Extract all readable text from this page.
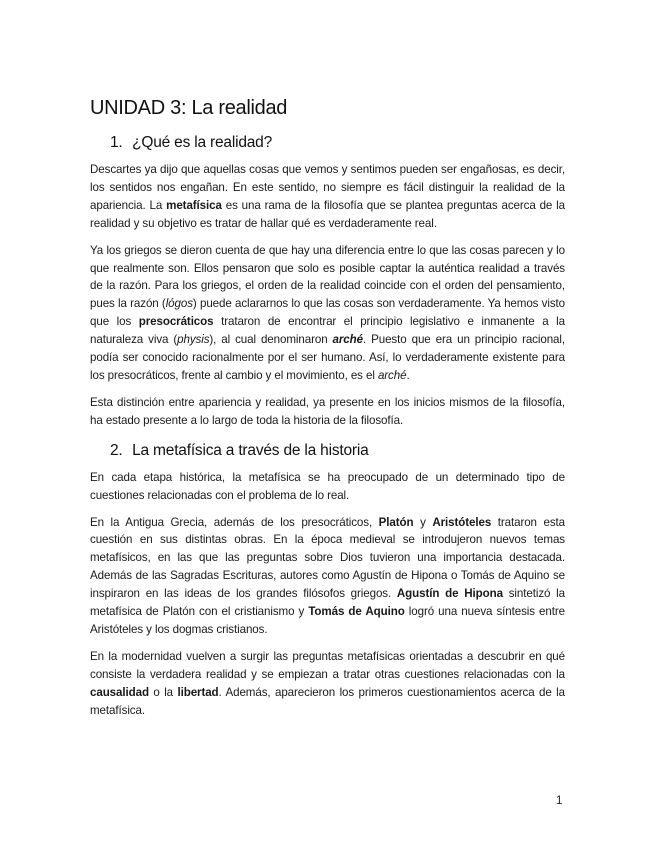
UNIDAD 3: La realidad
1. ¿Qué es la realidad?

Descartes ya dijo que aquellas cosas que vemos y sentimos pueden ser engañosas, es decir, los sentidos nos engañan. En este sentido, no siempre es fácil distinguir la realidad de la apariencia. La metafísica es una rama de la filosofía que se plantea preguntas acerca de la realidad y su objetivo es tratar de hallar qué es verdaderamente real.

Ya los griegos se dieron cuenta de que hay una diferencia entre lo que las cosas parecen y lo que realmente son. Ellos pensaron que solo es posible captar la auténtica realidad a través de la razón. Para los griegos, el orden de la realidad coincide con el orden del pensamiento, pues la razón (lógos) puede aclararnos lo que las cosas son verdaderamente. Ya hemos visto que los presocráticos trataron de encontrar el principio legislativo e inmanente a la naturaleza viva (physis), al cual denominaron arché. Puesto que era un principio racional, podía ser conocido racionalmente por el ser humano. Así, lo verdaderamente existente para los presocráticos, frente al cambio y el movimiento, es el arché.

Esta distinción entre apariencia y realidad, ya presente en los inicios mismos de la filosofía, ha estado presente a lo largo de toda la historia de la filosofía.

2. La metafísica a través de la historia

En cada etapa histórica, la metafísica se ha preocupado de un determinado tipo de cuestiones relacionadas con el problema de lo real.

En la Antigua Grecia, además de los presocráticos, Platón y Aristóteles trataron esta cuestión en sus distintas obras. En la época medieval se introdujeron nuevos temas metafísicos, en las que las preguntas sobre Dios tuvieron una importancia destacada. Además de las Sagradas Escrituras, autores como Agustín de Hipona o Tomás de Aquino se inspiraron en las ideas de los grandes filósofos griegos. Agustín de Hipona sintetizó la metafísica de Platón con el cristianismo y Tomás de Aquino logró una nueva síntesis entre Aristóteles y los dogmas cristianos.

En la modernidad vuelven a surgir las preguntas metafísicas orientadas a descubrir en qué consiste la verdadera realidad y se empiezan a tratar otras cuestiones relacionadas con la causalidad o la libertad. Además, aparecieron los primeros cuestionamientos acerca de la metafísica.

1
